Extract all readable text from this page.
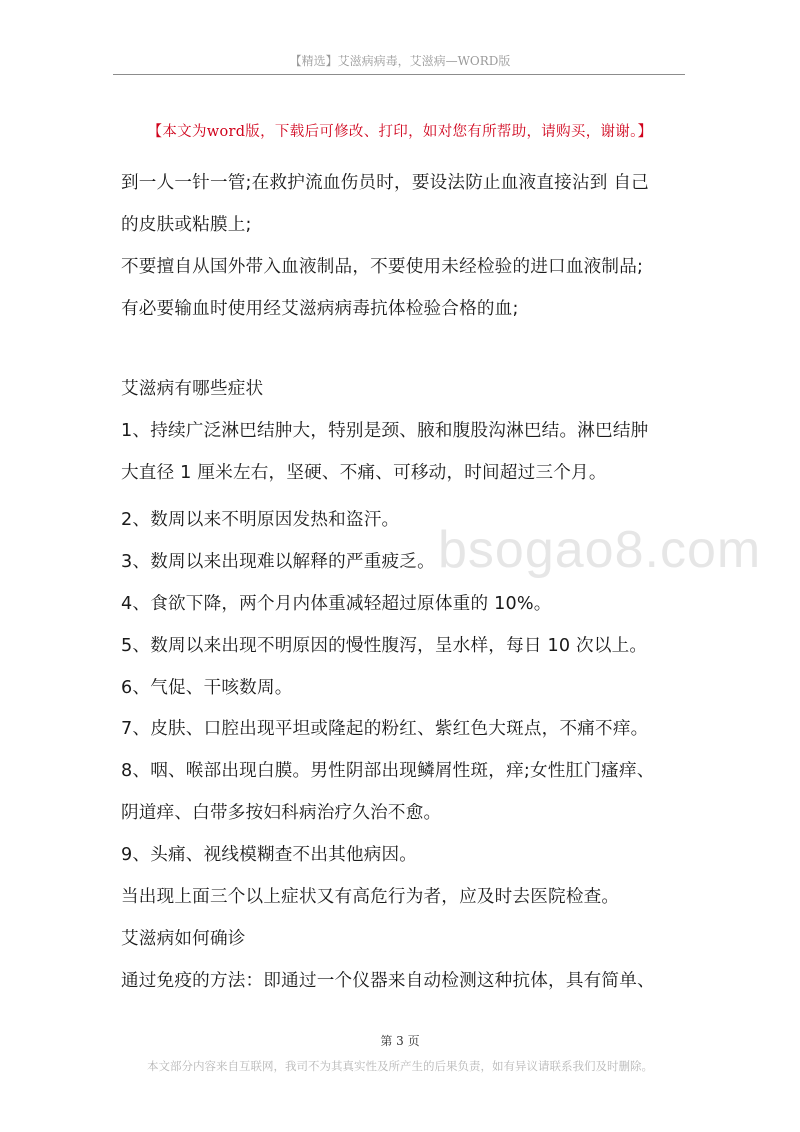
【精选】艾滋病病毒，艾滋病—WORD版
【本文为word版，下载后可修改、打印，如对您有所帮助，请购买，谢谢。】
bsogao8.com
到一人一针一管;在救护流血伤员时，要设法防止血液直接沾到 自己
的皮肤或粘膜上;
不要擅自从国外带入血液制品，不要使用未经检验的进口血液制品;
有必要输血时使用经艾滋病病毒抗体检验合格的血;
艾滋病有哪些症状
1、持续广泛淋巴结肿大，特别是颈、腋和腹股沟淋巴结。淋巴结肿
大直径 1 厘米左右，坚硬、不痛、可移动，时间超过三个月。
2、数周以来不明原因发热和盗汗。
3、数周以来出现难以解释的严重疲乏。
4、食欲下降，两个月内体重减轻超过原体重的 10%。
5、数周以来出现不明原因的慢性腹泻，呈水样，每日 10 次以上。
6、气促、干咳数周。
7、皮肤、口腔出现平坦或隆起的粉红、紫红色大斑点，不痛不痒。
8、咽、喉部出现白膜。男性阴部出现鳞屑性斑，痒;女性肛门瘙痒、
阴道痒、白带多按妇科病治疗久治不愈。
9、头痛、视线模糊查不出其他病因。
当出现上面三个以上症状又有高危行为者，应及时去医院检查。
艾滋病如何确诊
通过免疫的方法：即通过一个仪器来自动检测这种抗体，具有简单、
第 3 页
本文部分内容来自互联网，我司不为其真实性及所产生的后果负责，如有异议请联系我们及时删除。
